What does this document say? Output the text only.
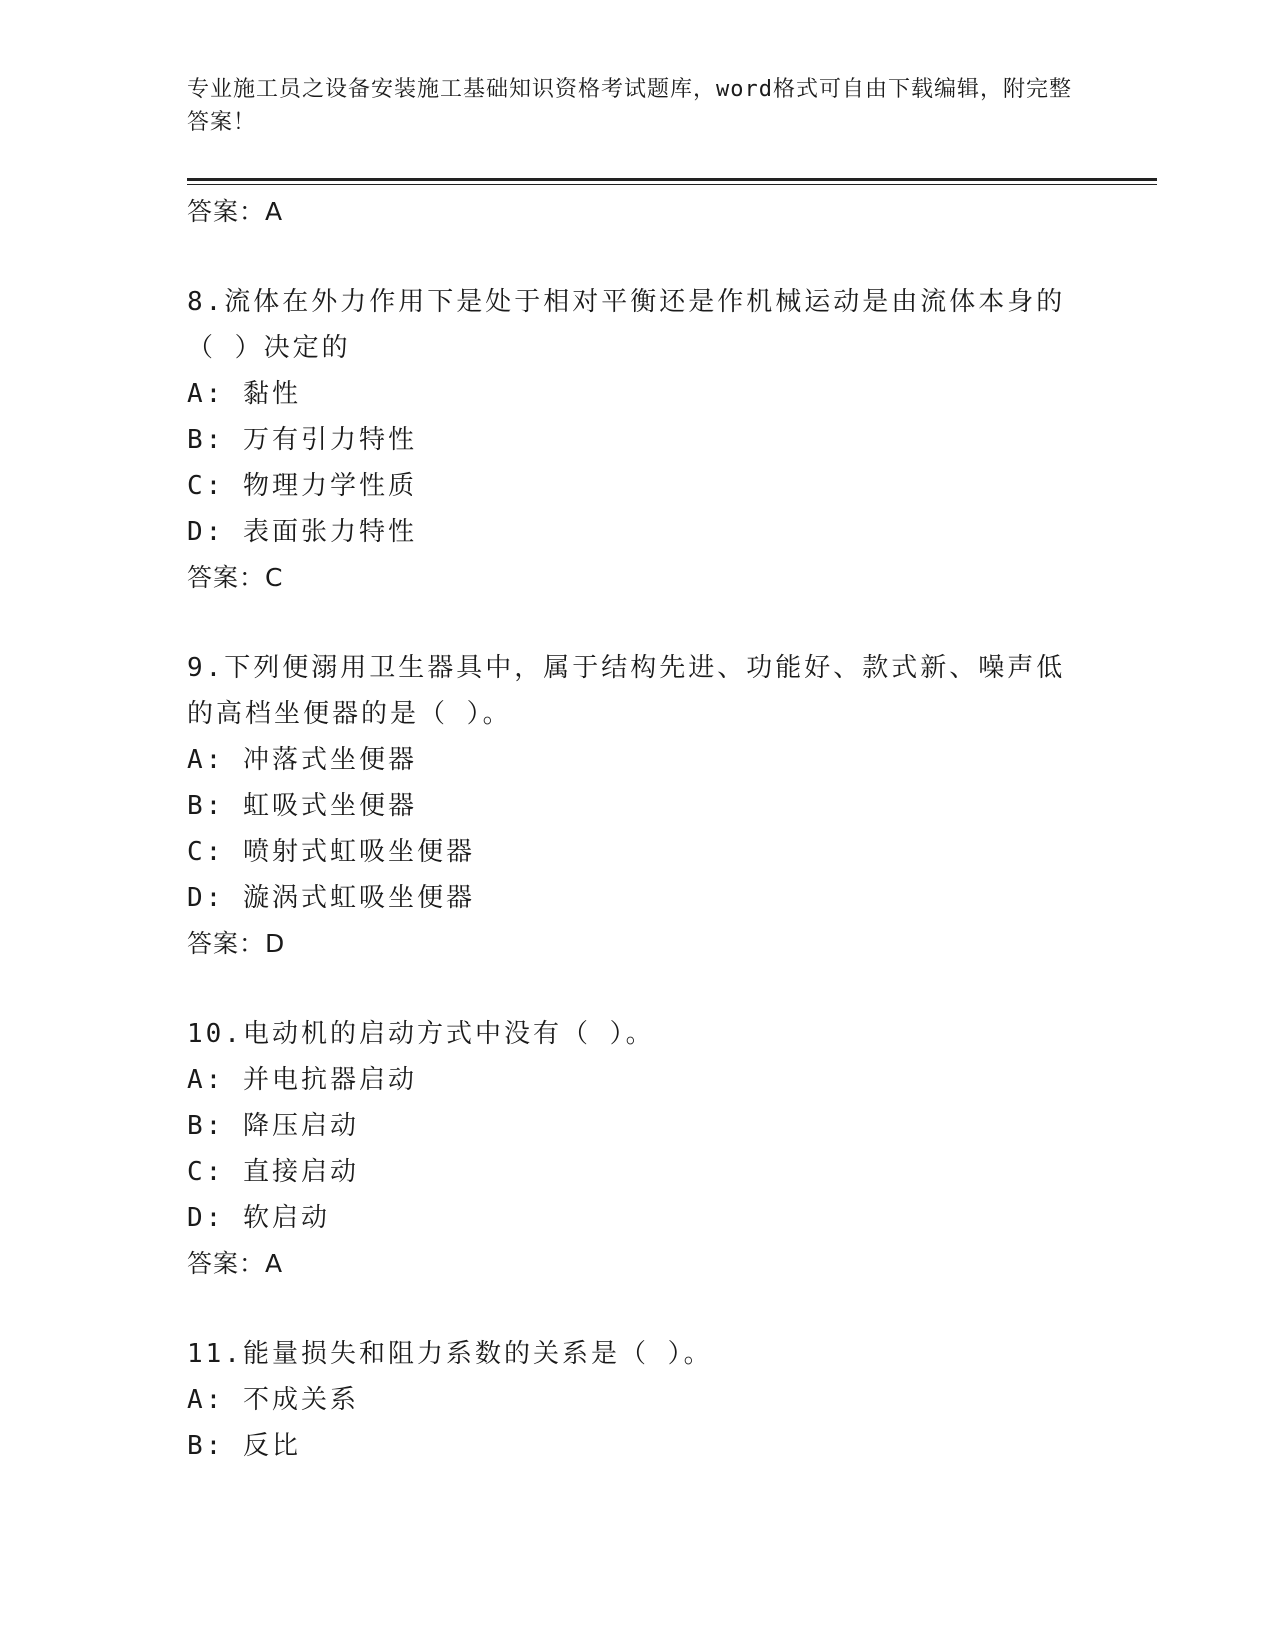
专业施工员之设备安装施工基础知识资格考试题库，word格式可自由下载编辑，附完整答案！
答案：A
8.流体在外力作用下是处于相对平衡还是作机械运动是由流体本身的（ ）决定的
A: 黏性
B: 万有引力特性
C: 物理力学性质
D: 表面张力特性
答案：C
9.下列便溺用卫生器具中，属于结构先进、功能好、款式新、噪声低的高档坐便器的是（ ）。
A: 冲落式坐便器
B: 虹吸式坐便器
C: 喷射式虹吸坐便器
D: 漩涡式虹吸坐便器
答案：D
10.电动机的启动方式中没有（ ）。
A: 并电抗器启动
B: 降压启动
C: 直接启动
D: 软启动
答案：A
11.能量损失和阻力系数的关系是（ ）。
A: 不成关系
B: 反比
